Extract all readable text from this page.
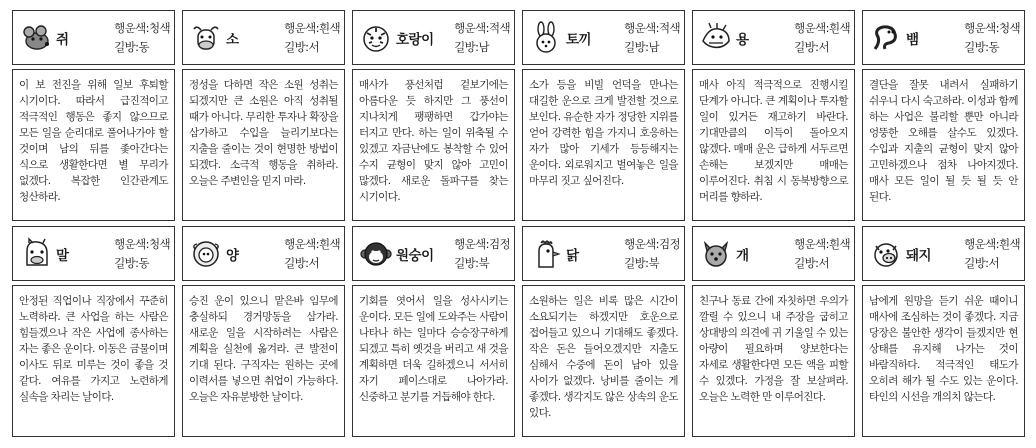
쥐
행운색:청색
길방:동
이 보 전진을 위해 일보 후퇴할 시기이다. 따라서 급진적이고 적극적인 행동은 좋지 않으므로 모든 일을 순리대로 풀어나가야 할 것이며 남의 뒤를 좇아간다는 식으로 생활한다면 별 무리가 없겠다. 복잡한 인간관계도 청산하라.
소
행운색:흰색
길방:서
정성을 다하면 작은 소원 성취는 되겠지만 큰 소원은 아직 성취될 때가 아니다. 무리한 투자나 확장을 삼가하고 수입을 늘리기보다는 지출을 줄이는 것이 현명한 방법이 되겠다. 소극적 행동을 취하라. 오늘은 주변인을 믿지 마라.
호랑이
행운색:적색
길방:남
매사가 풍선처럼 겉보기에는 아름다운 듯 하지만 그 풍선이 지나치게 팽팽하면 갑가야는 터지고 만다. 하는 일이 위축될 수 있겠고 자금난에도 봉착할 수 있어 수지 균형이 맞지 않아 고민이 많겠다. 새로운 돌파구를 찾는 시기이다.
토끼
행운색:적색
길방:남
소가 등을 비빌 언덕을 만나는 대길한 운으로 크게 발전할 것으로 보인다. 유순한 자가 정당한 지위를 얻어 강력한 힘을 가지니 호응하는 자가 많아 기세가 등등해지는 운이다. 외로워지고 벌여놓은 일을 마무리 짓고 싶어진다.
용
행운색:흰색
길방:서
매사 아직 적극적으로 진행시킬 단계가 아니다. 큰 계획이나 투자할 일이 있거든 재고하기 바란다. 기대만큼의 이득이 돌아오지 않겠다. 매매 운은 급하게 서두르면 손해는 보겠지만 매매는 이루어진다. 취침 시 동북방향으로 머리를 향하라.
뱀
행운색:청색
길방:동
결단을 잘못 내려서 실패하기 쉬우니 다시 숙고하라. 이성과 함께 하는 사업은 불리할 뿐만 아니라 엉뚱한 오해를 살수도 있겠다. 수입과 지출의 균형이 맞지 않아 고민하겠으나 점차 나아지겠다. 매사 모든 일이 될 듯 될 듯 안 된다.
말
행운색:청색
길방:동
안정된 직업이나 직장에서 꾸준히 노력하라. 큰 사업을 하는 사람은 힘들겠으나 작은 사업에 종사하는 자는 좋은 운이다. 이동은 금물이며 이사도 뒤로 미루는 것이 좋을 것 같다. 여유를 가지고 노련하게 실속을 차리는 날이다.
양
행운색:흰색
길방:서
승진 운이 있으니 맡은바 임무에 충실하되 경거망동을 삼가라. 새로운 일을 시작하려는 사람은 계획을 실천에 옮겨라. 큰 발전이 기대 된다. 구직자는 원하는 곳에 이력서를 넣으면 취업이 가능하다. 오늘은 자유분방한 날이다.
원숭이
행운색:검정
길방:북
기회를 엿어서 일을 성사시키는 운이다. 모든 일에 도와주는 사람이 나타나 하는 일마다 승승장구하게 되겠고 특히 옛것을 버리고 새 것을 계획하면 더욱 길하겠으니 서서히 자기 페이스대로 나아가라. 신중하고 분기를 거듭해야 한다.
닭
행운색:검정
길방:북
소원하는 일은 비록 많은 시간이 소요되기는 하겠지만 호운으로 접어들고 있으니 기대해도 좋겠다. 작은 돈은 들어오겠지만 지출도 심해서 수중에 돈이 남아 있을 사이가 없겠다. 낭비를 줄이는 게 좋겠다. 생각지도 않은 상속의 운도 있다.
개
행운색:흰색
길방:서
친구나 동료 간에 자칫하면 우의가 깔릴 수 있으니 내 주장을 굽히고 상대방의 의견에 귀 기울일 수 있는 아량이 필요하며 양보한다는 자세로 생활한다면 모든 액을 피할 수 있겠다. 가정을 잘 보살펴라. 오늘은 노력한 만 이루어진다.
돼지
행운색:흰색
길방:서
남에게 원망을 듣기 쉬운 때이니 매사에 조심하는 것이 좋겠다. 지금 당장은 불안한 생각이 들겠지만 현 상태를 유지해 나가는 것이 바람직하다. 적극적인 태도가 오히려 해가 될 수도 있는 운이다. 타인의 시선을 개의치 않는다.
